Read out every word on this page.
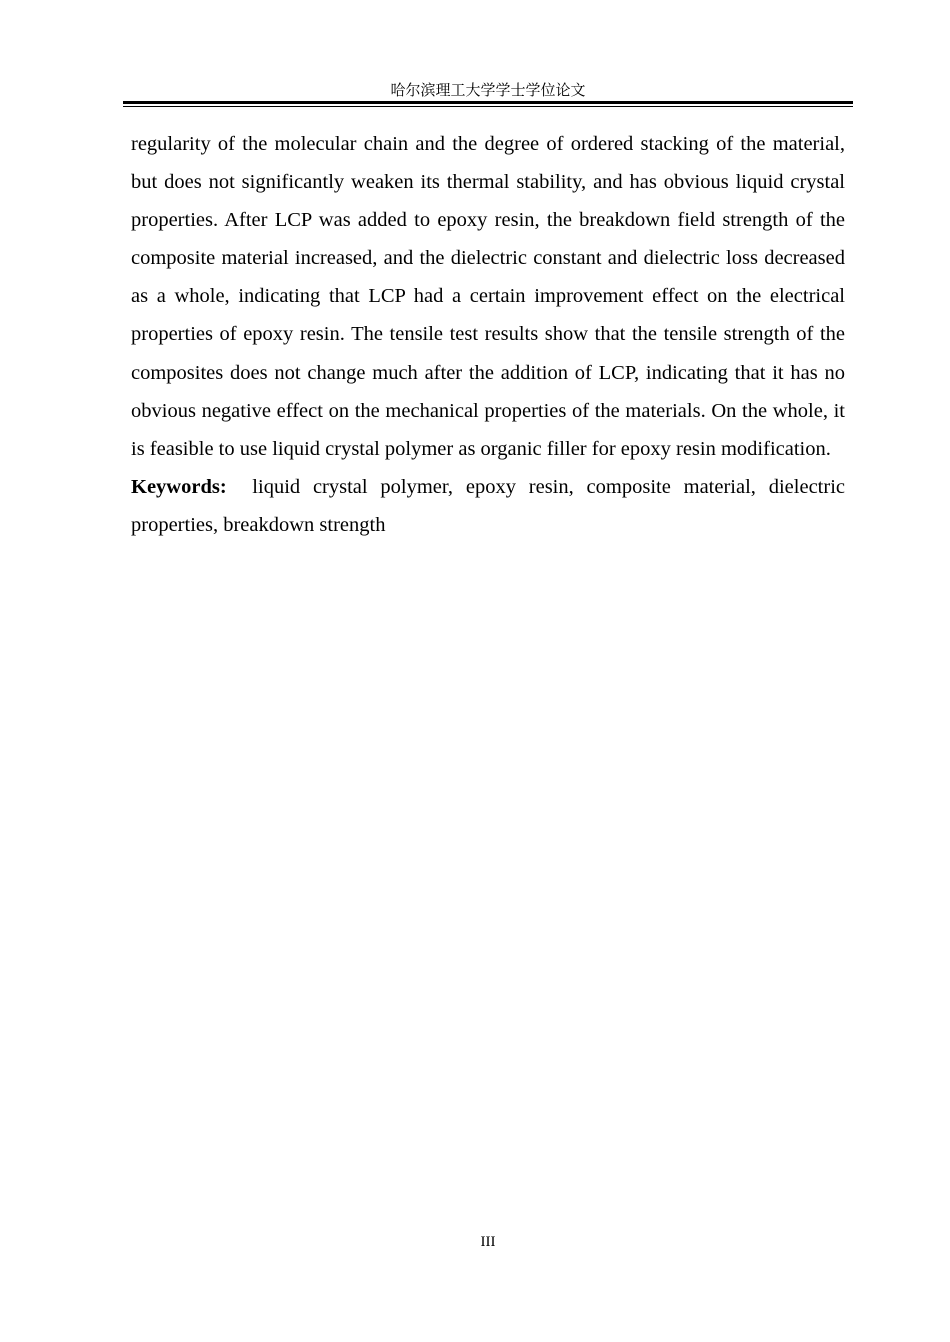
哈尔滨理工大学学士学位论文

regularity of the molecular chain and the degree of ordered stacking of the material, but does not significantly weaken its thermal stability, and has obvious liquid crystal properties. After LCP was added to epoxy resin, the breakdown field strength of the composite material increased, and the dielectric constant and dielectric loss decreased as a whole, indicating that LCP had a certain improvement effect on the electrical properties of epoxy resin. The tensile test results show that the tensile strength of the composites does not change much after the addition of LCP, indicating that it has no obvious negative effect on the mechanical properties of the materials. On the whole, it is feasible to use liquid crystal polymer as organic filler for epoxy resin modification.

Keywords: liquid crystal polymer, epoxy resin, composite material, dielectric properties, breakdown strength

III
